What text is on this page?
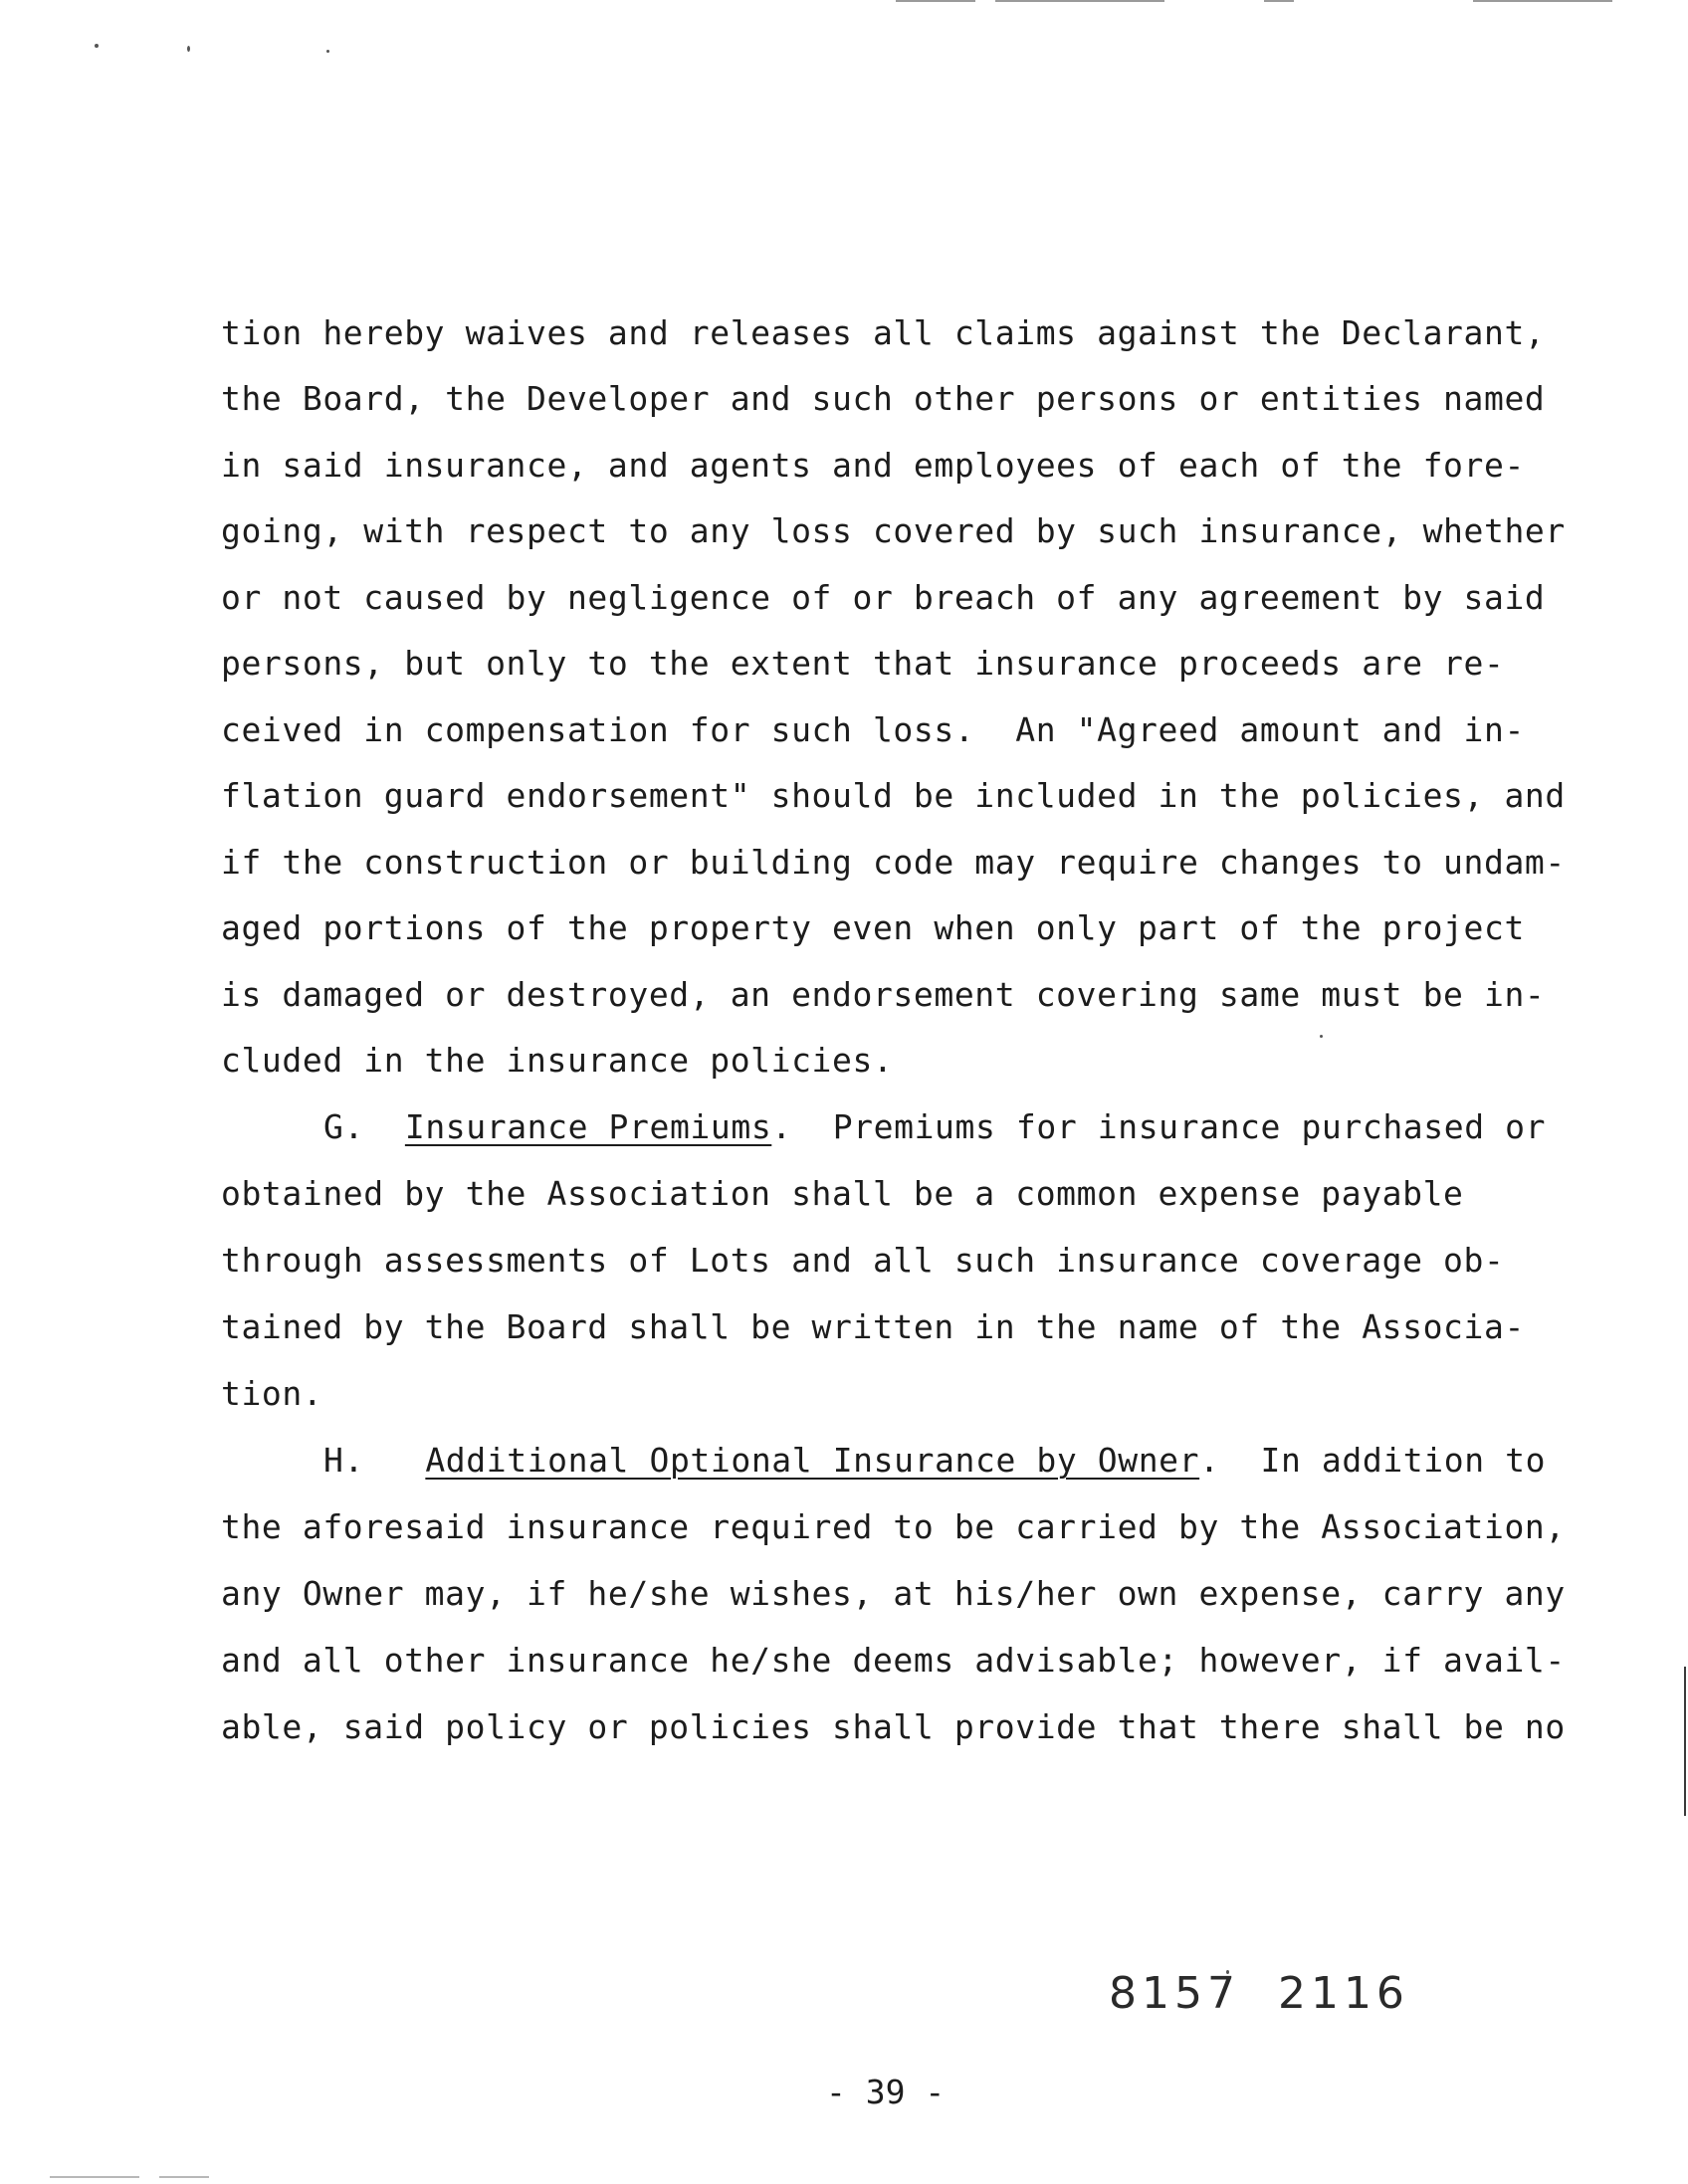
tion hereby waives and releases all claims against the Declarant,
the Board, the Developer and such other persons or entities named
in said insurance, and agents and employees of each of the fore-
going, with respect to any loss covered by such insurance, whether
or not caused by negligence of or breach of any agreement by said
persons, but only to the extent that insurance proceeds are re-
ceived in compensation for such loss.  An "Agreed amount and in-
flation guard endorsement" should be included in the policies, and
if the construction or building code may require changes to undam-
aged portions of the property even when only part of the project
is damaged or destroyed, an endorsement covering same must be in-
cluded in the insurance policies.
G. Insurance Premiums.  Premiums for insurance purchased or
obtained by the Association shall be a common expense payable
through assessments of Lots and all such insurance coverage ob-
tained by the Board shall be written in the name of the Associa-
tion.
H. Additional Optional Insurance by Owner.  In addition to
the aforesaid insurance required to be carried by the Association,
any Owner may, if he/she wishes, at his/her own expense, carry any
and all other insurance he/she deems advisable; however, if avail-
able, said policy or policies shall provide that there shall be no
8157  2116
- 39 -
